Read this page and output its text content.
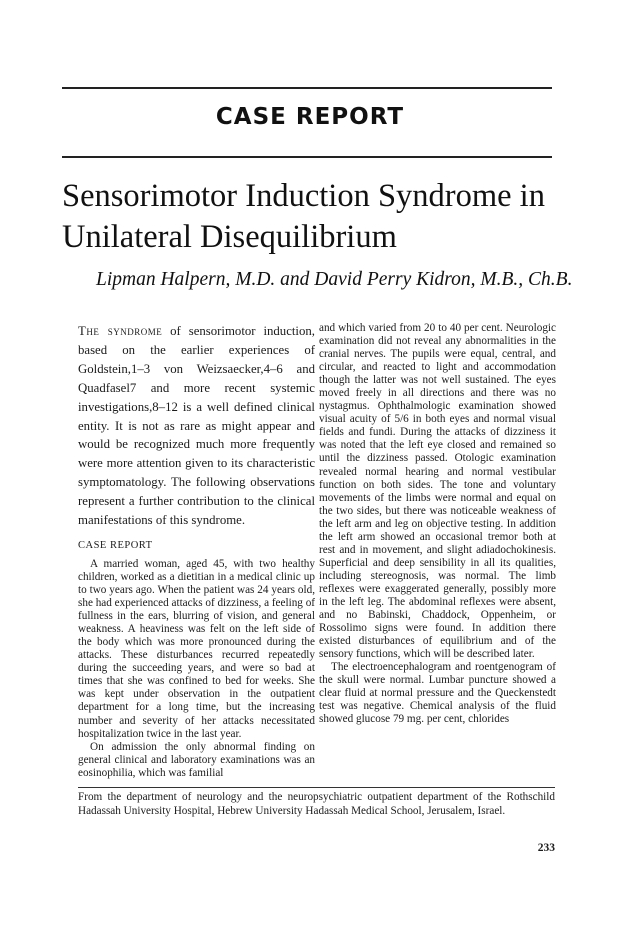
CASE REPORT
Sensorimotor Induction Syndrome in Unilateral Disequilibrium
Lipman Halpern, M.D. and David Perry Kidron, M.B., Ch.B.

The syndrome of sensorimotor induction, based on the earlier experiences of Goldstein,1–3 von Weizsaecker,4–6 and Quadfasel7 and more recent systemic investigations,8–12 is a well defined clinical entity. It is not as rare as might appear and would be recognized much more frequently were more attention given to its characteristic symptomatology. The following observations represent a further contribution to the clinical manifestations of this syndrome.

CASE REPORT

A married woman, aged 45, with two healthy children, worked as a dietitian in a medical clinic up to two years ago. When the patient was 24 years old, she had experienced attacks of dizziness, a feeling of fullness in the ears, blurring of vision, and general weakness. A heaviness was felt on the left side of the body which was more pronounced during the attacks. These disturbances recurred repeatedly during the succeeding years, and were so bad at times that she was confined to bed for weeks. She was kept under observation in the outpatient department for a long time, but the increasing number and severity of her attacks necessitated hospitalization twice in the last year.

On admission the only abnormal finding on general clinical and laboratory examinations was an eosinophilia, which was familial

and which varied from 20 to 40 per cent. Neurologic examination did not reveal any abnormalities in the cranial nerves. The pupils were equal, central, and circular, and reacted to light and accommodation though the latter was not well sustained. The eyes moved freely in all directions and there was no nystagmus. Ophthalmologic examination showed visual acuity of 5/6 in both eyes and normal visual fields and fundi. During the attacks of dizziness it was noted that the left eye closed and remained so until the dizziness passed. Otologic examination revealed normal hearing and normal vestibular function on both sides. The tone and voluntary movements of the limbs were normal and equal on the two sides, but there was noticeable weakness of the left arm and leg on objective testing. In addition the left arm showed an occasional tremor both at rest and in movement, and slight adiadochokinesis. Superficial and deep sensibility in all its qualities, including stereognosis, was normal. The limb reflexes were exaggerated generally, possibly more in the left leg. The abdominal reflexes were absent, and no Babinski, Chaddock, Oppenheim, or Rossolimo signs were found. In addition there existed disturbances of equilibrium and of the sensory functions, which will be described later.

The electroencephalogram and roentgenogram of the skull were normal. Lumbar puncture showed a clear fluid at normal pressure and the Queckenstedt test was negative. Chemical analysis of the fluid showed glucose 79 mg. per cent, chlorides

From the department of neurology and the neuropsychiatric outpatient department of the Rothschild Hadassah University Hospital, Hebrew University Hadassah Medical School, Jerusalem, Israel.

233
